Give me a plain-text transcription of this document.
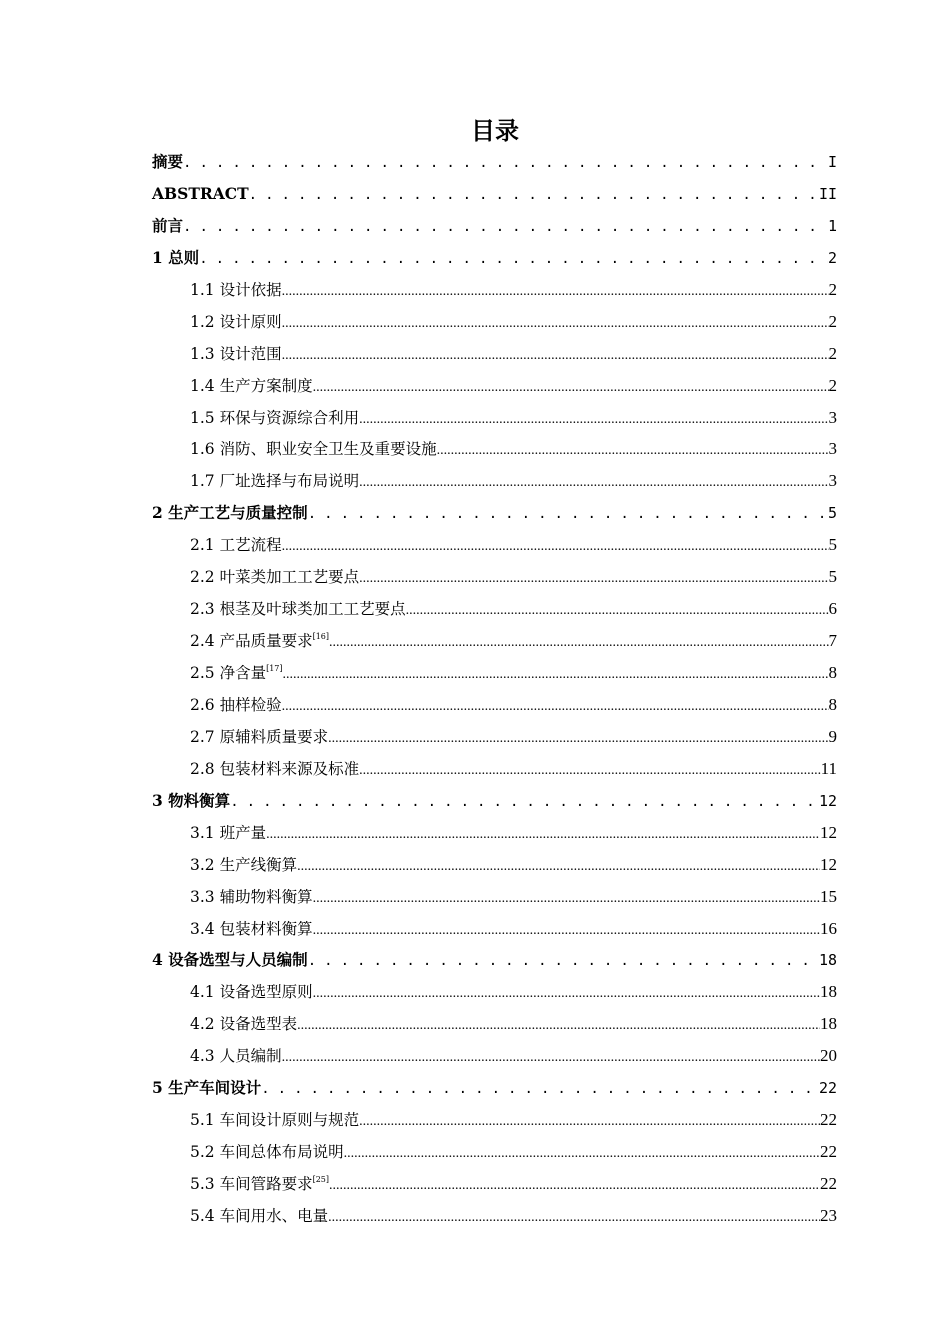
目录
摘要 . . .	I
ABSTRACT . . .	II
前言 . . .	1
1 总则 . . .	2
1.1 设计依据 .....	2
1.2 设计原则 .....	2
1.3 设计范围 .....	2
1.4 生产方案制度 .....	2
1.5 环保与资源综合利用 .....	3
1.6 消防、职业安全卫生及重要设施 .....	3
1.7 厂址选择与布局说明 .....	3
2 生产工艺与质量控制 . . .	5
2.1 工艺流程 .....	5
2.2 叶菜类加工工艺要点 .....	5
2.3 根茎及叶球类加工工艺要点 .....	6
2.4 产品质量要求[16] .....	7
2.5 净含量[17] .....	8
2.6 抽样检验 .....	8
2.7 原辅料质量要求 .....	9
2.8 包装材料来源及标准 .....	11
3 物料衡算 . . .	12
3.1 班产量 .....	12
3.2 生产线衡算 .....	12
3.3 辅助物料衡算 .....	15
3.4 包装材料衡算 .....	16
4 设备选型与人员编制 . . .	18
4.1 设备选型原则 .....	18
4.2 设备选型表 .....	18
4.3 人员编制 .....	20
5 生产车间设计 . . .	22
5.1 车间设计原则与规范 .....	22
5.2 车间总体布局说明 .....	22
5.3 车间管路要求[25] .....	22
5.4 车间用水、电量 .....	23
